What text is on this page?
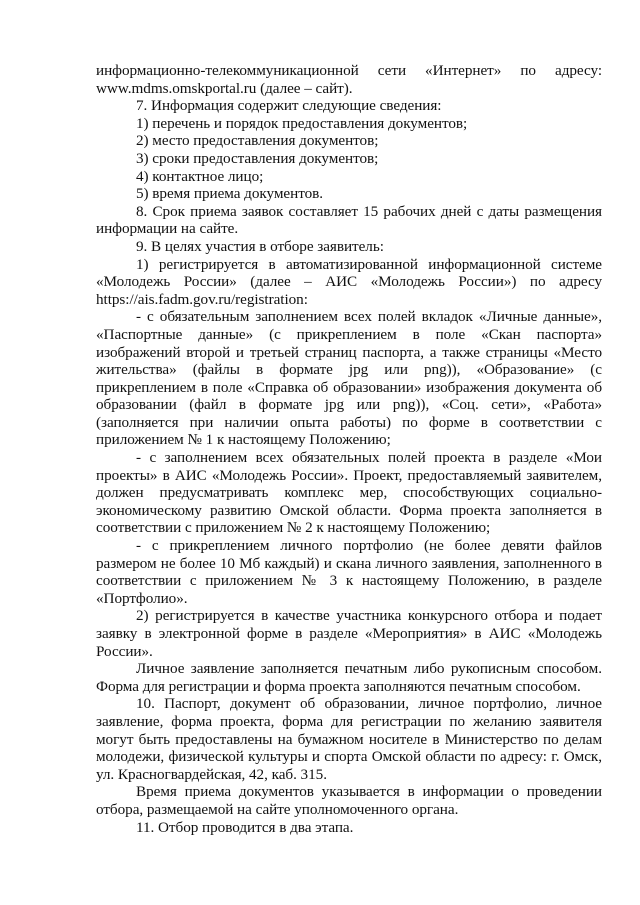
информационно-телекоммуникационной сети «Интернет» по адресу: www.mdms.omskportal.ru (далее – сайт).

7. Информация содержит следующие сведения:

1) перечень и порядок предоставления документов;

2) место предоставления документов;

3) сроки предоставления документов;

4) контактное лицо;

5) время приема документов.

8. Срок приема заявок составляет 15 рабочих дней с даты размещения информации на сайте.

9. В целях участия в отборе заявитель:

1) регистрируется в автоматизированной информационной системе «Молодежь России» (далее – АИС «Молодежь России») по адресу https://ais.fadm.gov.ru/registration:

- с обязательным заполнением всех полей вкладок «Личные данные», «Паспортные данные» (с прикреплением в поле «Скан паспорта» изображений второй и третьей страниц паспорта, а также страницы «Место жительства» (файлы в формате jpg или png)), «Образование» (с прикреплением в поле «Справка об образовании» изображения документа об образовании (файл в формате jpg или png)), «Соц. сети», «Работа» (заполняется при наличии опыта работы) по форме в соответствии с приложением № 1 к настоящему Положению;

- с заполнением всех обязательных полей проекта в разделе «Мои проекты» в АИС «Молодежь России». Проект, предоставляемый заявителем, должен предусматривать комплекс мер, способствующих социально-экономическому развитию Омской области. Форма проекта заполняется в соответствии с приложением № 2 к настоящему Положению;

- с прикреплением личного портфолио (не более девяти файлов размером не более 10 Мб каждый) и скана личного заявления, заполненного в соответствии с приложением № 3 к настоящему Положению, в разделе «Портфолио».

2) регистрируется в качестве участника конкурсного отбора и подает заявку в электронной форме в разделе «Мероприятия» в АИС «Молодежь России».

Личное заявление заполняется печатным либо рукописным способом. Форма для регистрации и форма проекта заполняются печатным способом.

10. Паспорт, документ об образовании, личное портфолио, личное заявление, форма проекта, форма для регистрации по желанию заявителя могут быть предоставлены на бумажном носителе в Министерство по делам молодежи, физической культуры и спорта Омской области по адресу: г. Омск, ул. Красногвардейская, 42, каб. 315.

Время приема документов указывается в информации о проведении отбора, размещаемой на сайте уполномоченного органа.

11. Отбор проводится в два этапа.
